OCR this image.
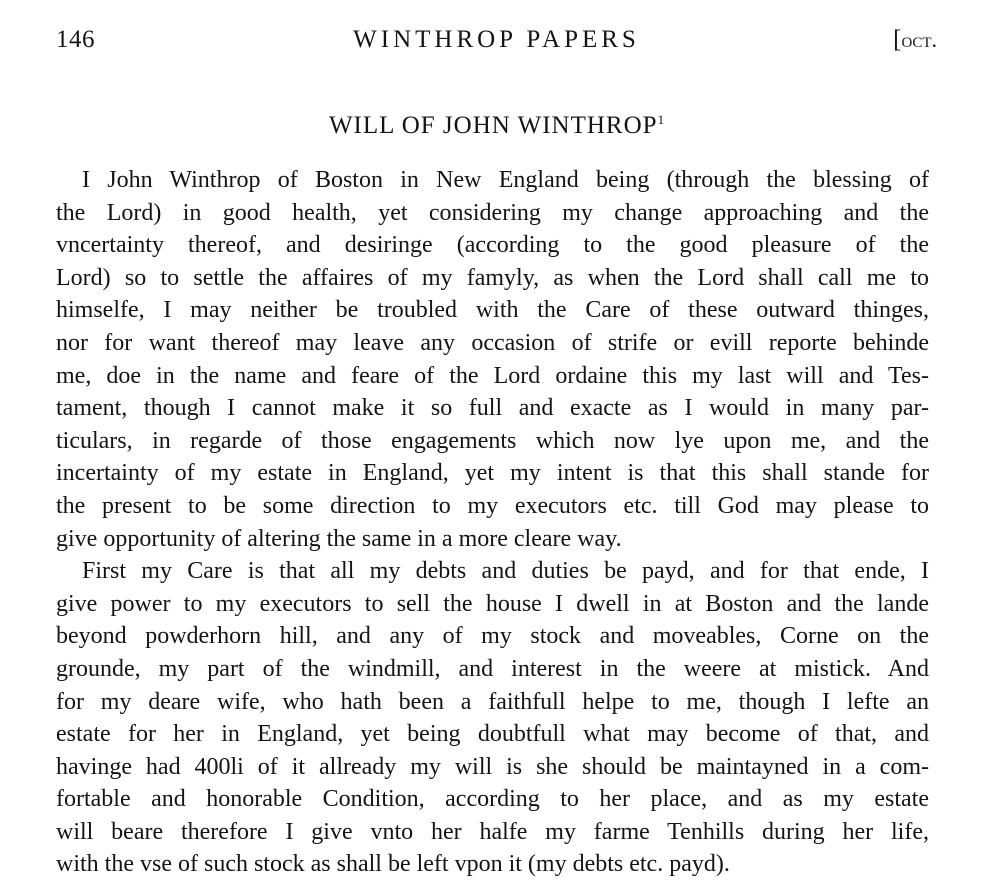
146	WINTHROP PAPERS	[oct.
WILL OF JOHN WINTHROP$^1$
I John Winthrop of Boston in New England being (through the blessing of
the Lord) in good health, yet considering my change approaching and the
vncertainty thereof, and desiringe (according to the good pleasure of the
Lord) so to settle the affaires of my famyly, as when the Lord shall call me to
himselfe, I may neither be troubled with the Care of these outward thinges,
nor for want thereof may leave any occasion of strife or evill reporte behinde
me, doe in the name and feare of the Lord ordaine this my last will and Tes-
tament, though I cannot make it so full and exacte as I would in many par-
ticulars, in regarde of those engagements which now lye upon me, and the
incertainty of my estate in England, yet my intent is that this shall stande for
the present to be some direction to my executors etc. till God may please to
give opportunity of altering the same in a more cleare way.
First my Care is that all my debts and duties be payd, and for that ende, I
give power to my executors to sell the house I dwell in at Boston and the lande
beyond powderhorn hill, and any of my stock and moveables, Corne on the
grounde, my part of the windmill, and interest in the weere at mistick. And
for my deare wife, who hath been a faithfull helpe to me, though I lefte an
estate for her in England, yet being doubtfull what may become of that, and
havinge had 400li of it allready my will is she should be maintayned in a com-
fortable and honorable Condition, according to her place, and as my estate
will beare therefore I give vnto her halfe my farme Tenhills during her life,
with the vse of such stock as shall be left vpon it (my debts etc. payd).
